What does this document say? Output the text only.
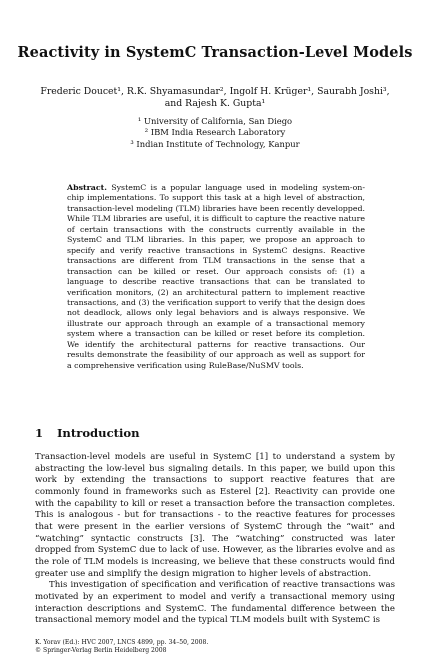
Reactivity in SystemC Transaction-Level Models
Frederic Doucet¹, R.K. Shyamasundar², Ingolf H. Krüger¹, Saurabh Joshi³,
and Rajesh K. Gupta¹
¹ University of California, San Diego
² IBM India Research Laboratory
³ Indian Institute of Technology, Kanpur
Abstract. SystemC is a popular language used in modeling system-on-chip implementations. To support this task at a high level of abstraction, transaction-level modeling (TLM) libraries have been recently developped. While TLM libraries are useful, it is difficult to capture the reactive nature of certain transactions with the constructs currently available in the SystemC and TLM libraries. In this paper, we propose an approach to specify and verify reactive transactions in SystemC designs. Reactive transactions are different from TLM transactions in the sense that a transaction can be killed or reset. Our approach consists of: (1) a language to describe reactive transactions that can be translated to verification monitors, (2) an architectural pattern to implement reactive transactions, and (3) the verification support to verify that the design does not deadlock, allows only legal behaviors and is always responsive. We illustrate our approach through an example of a transactional memory system where a transaction can be killed or reset before its completion. We identify the architectural patterns for reactive transactions. Our results demonstrate the feasibility of our approach as well as support for a comprehensive verification using RuleBase/NuSMV tools.
1 Introduction

Transaction-level models are useful in SystemC [1] to understand a system by abstracting the low-level bus signaling details. In this paper, we build upon this work by extending the transactions to support reactive features that are commonly found in frameworks such as Esterel [2]. Reactivity can provide one with the capability to kill or reset a transaction before the transaction completes. This is analogous - but for transactions - to the reactive features for processes that were present in the earlier versions of SystemC through the “wait” and “watching” syntactic constructs [3]. The “watching” constructed was later dropped from SystemC due to lack of use. However, as the libraries evolve and as the role of TLM models is increasing, we believe that these constructs would find greater use and simplify the design migration to higher levels of abstraction.

This investigation of specification and verification of reactive transactions was motivated by an experiment to model and verify a transactional memory using interaction descriptions and SystemC. The fundamental difference between the transactional memory model and the typical TLM models built with SystemC is

K. Yorav (Ed.): HVC 2007, LNCS 4899, pp. 34–50, 2008.
© Springer-Verlag Berlin Heidelberg 2008
